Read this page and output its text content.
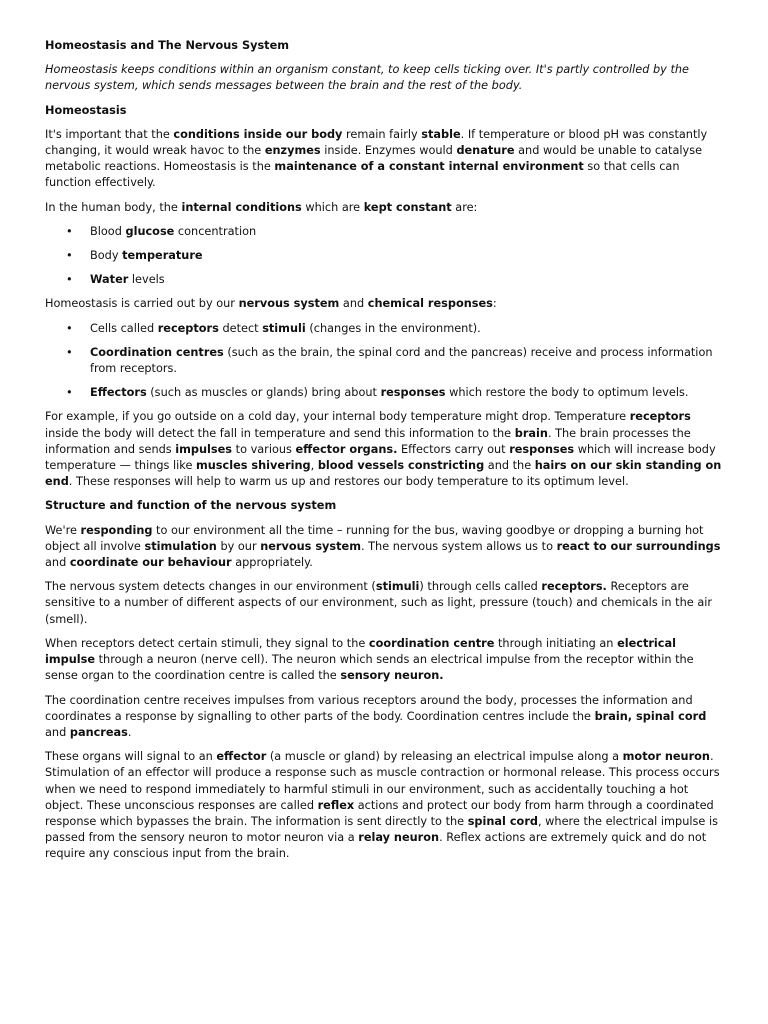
Homeostasis and The Nervous System
Homeostasis keeps conditions within an organism constant, to keep cells ticking over. It's partly controlled by the nervous system, which sends messages between the brain and the rest of the body.
Homeostasis

It's important that the conditions inside our body remain fairly stable. If temperature or blood pH was constantly changing, it would wreak havoc to the enzymes inside. Enzymes would denature and would be unable to catalyse metabolic reactions. Homeostasis is the maintenance of a constant internal environment so that cells can function effectively.

In the human body, the internal conditions which are kept constant are:

• Blood glucose concentration
• Body temperature
• Water levels

Homeostasis is carried out by our nervous system and chemical responses:

• Cells called receptors detect stimuli (changes in the environment).
• Coordination centres (such as the brain, the spinal cord and the pancreas) receive and process information from receptors.
• Effectors (such as muscles or glands) bring about responses which restore the body to optimum levels.

For example, if you go outside on a cold day, your internal body temperature might drop. Temperature receptors inside the body will detect the fall in temperature and send this information to the brain. The brain processes the information and sends impulses to various effector organs. Effectors carry out responses which will increase body temperature — things like muscles shivering, blood vessels constricting and the hairs on our skin standing on end. These responses will help to warm us up and restores our body temperature to its optimum level.

Structure and function of the nervous system

We're responding to our environment all the time – running for the bus, waving goodbye or dropping a burning hot object all involve stimulation by our nervous system. The nervous system allows us to react to our surroundings and coordinate our behaviour appropriately.

The nervous system detects changes in our environment (stimuli) through cells called receptors. Receptors are sensitive to a number of different aspects of our environment, such as light, pressure (touch) and chemicals in the air (smell).

When receptors detect certain stimuli, they signal to the coordination centre through initiating an electrical impulse through a neuron (nerve cell). The neuron which sends an electrical impulse from the receptor within the sense organ to the coordination centre is called the sensory neuron.

The coordination centre receives impulses from various receptors around the body, processes the information and coordinates a response by signalling to other parts of the body. Coordination centres include the brain, spinal cord and pancreas.

These organs will signal to an effector (a muscle or gland) by releasing an electrical impulse along a motor neuron. Stimulation of an effector will produce a response such as muscle contraction or hormonal release. This process occurs when we need to respond immediately to harmful stimuli in our environment, such as accidentally touching a hot object. These unconscious responses are called reflex actions and protect our body from harm through a coordinated response which bypasses the brain. The information is sent directly to the spinal cord, where the electrical impulse is passed from the sensory neuron to motor neuron via a relay neuron. Reflex actions are extremely quick and do not require any conscious input from the brain.
